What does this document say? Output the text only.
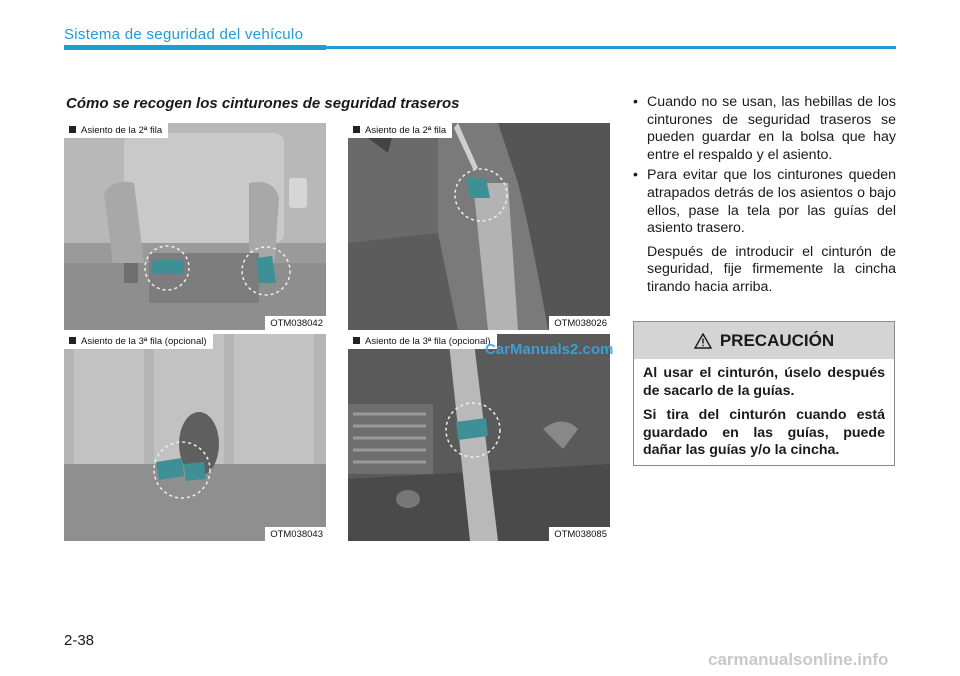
Sistema de seguridad del vehículo
Cómo se recogen los cinturones de seguridad traseros
Asiento de la 2ª fila
OTM038042
Asiento de la 2ª fila
OTM038026
Asiento de la 3ª fila (opcional)
OTM038043
Asiento de la 3ª fila (opcional)
OTM038085
CarManuals2.com
• Cuando no se usan, las hebillas de los cinturones de seguridad traseros se pueden guardar en la bolsa que hay entre el respaldo y el asiento.
• Para evitar que los cinturones queden atrapados detrás de los asientos o bajo ellos, pase la tela por las guías del asiento trasero.
Después de introducir el cinturón de seguridad, fije firmemente la cincha tirando hacia arriba.
PRECAUCIÓN

Al usar el cinturón, úselo después de sacarlo de la guías.

Si tira del cinturón cuando está guardado en las guías, puede dañar las guías y/o la cincha.

2-38
carmanualsonline.info
